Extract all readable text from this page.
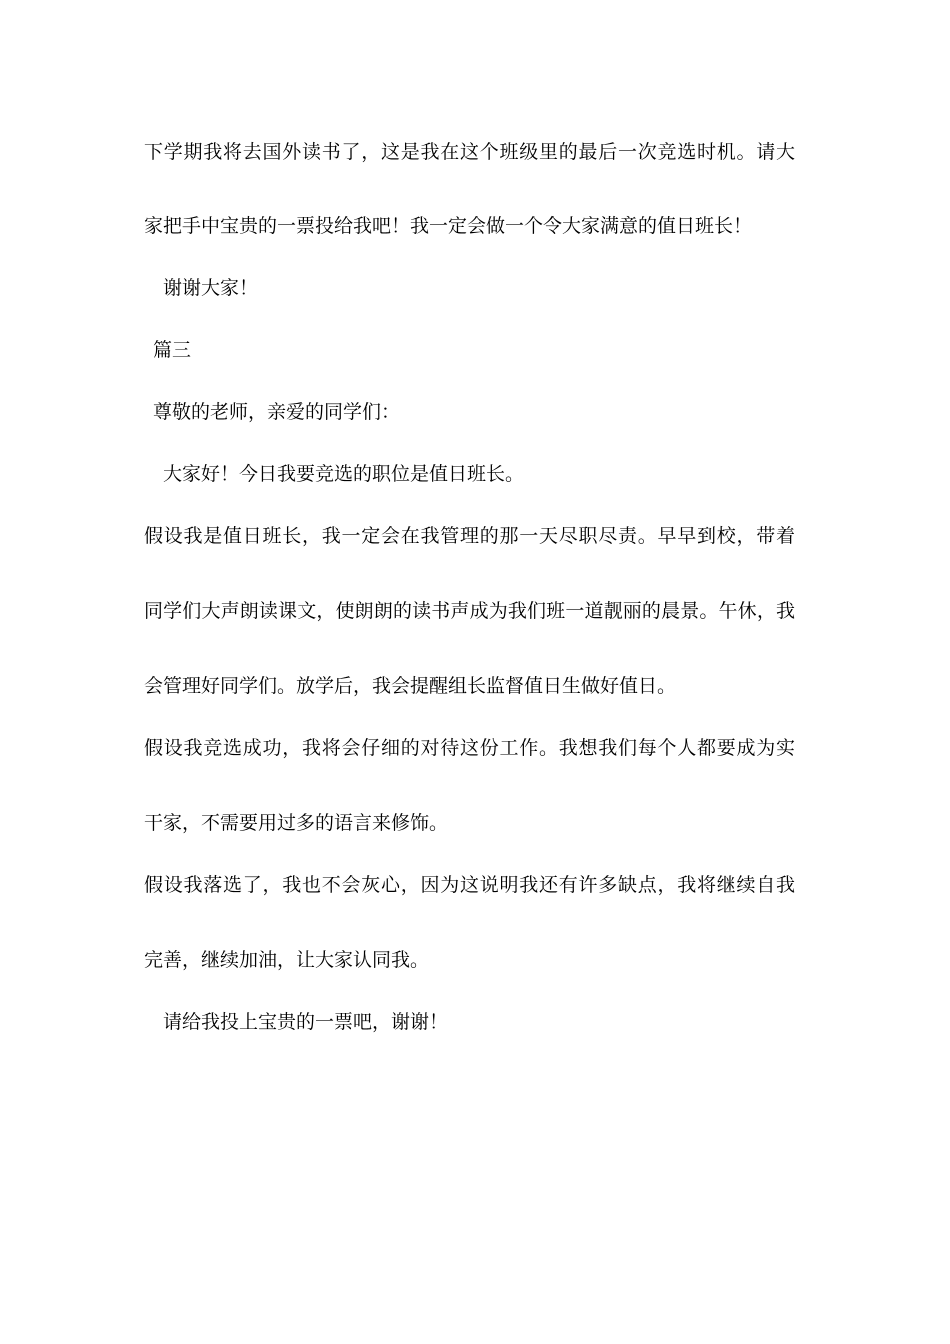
下学期我将去国外读书了，这是我在这个班级里的最后一次竞选时机。请大

家把手中宝贵的一票投给我吧！我一定会做一个令大家满意的值日班长！

谢谢大家！

篇三

尊敬的老师，亲爱的同学们：

大家好！今日我要竞选的职位是值日班长。

假设我是值日班长，我一定会在我管理的那一天尽职尽责。早早到校，带着

同学们大声朗读课文，使朗朗的读书声成为我们班一道靓丽的晨景。午休，我

会管理好同学们。放学后，我会提醒组长监督值日生做好值日。

假设我竞选成功，我将会仔细的对待这份工作。我想我们每个人都要成为实

干家，不需要用过多的语言来修饰。

假设我落选了，我也不会灰心，因为这说明我还有许多缺点，我将继续自我

完善，继续加油，让大家认同我。

请给我投上宝贵的一票吧，谢谢！
